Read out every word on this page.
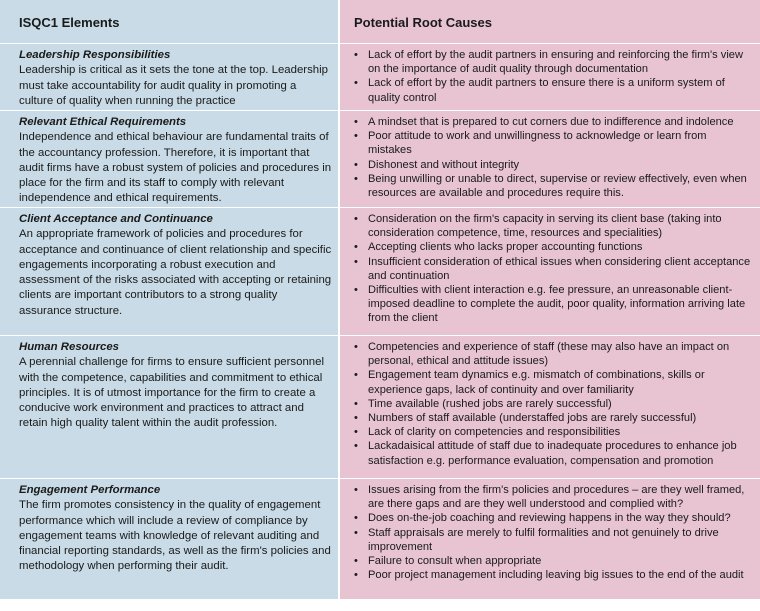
ISQC1 Elements	Potential Root Causes
Leadership Responsibilities
Leadership is critical as it sets the tone at the top. Leadership must take accountability for audit quality in promoting a culture of quality when running the practice
• Lack of effort by the audit partners in ensuring and reinforcing the firm's view on the importance of audit quality through documentation
• Lack of effort by the audit partners to ensure there is a uniform system of quality control
Relevant Ethical Requirements
Independence and ethical behaviour are fundamental traits of the accountancy profession. Therefore, it is important that audit firms have a robust system of policies and procedures in place for the firm and its staff to comply with relevant independence and ethical requirements.
• A mindset that is prepared to cut corners due to indifference and indolence
• Poor attitude to work and unwillingness to acknowledge or learn from mistakes
• Dishonest and without integrity
• Being unwilling or unable to direct, supervise or review effectively, even when resources are available and procedures require this.
Client Acceptance and Continuance
An appropriate framework of policies and procedures for acceptance and continuance of client relationship and specific engagements incorporating a robust execution and assessment of the risks associated with accepting or retaining clients are important contributors to a strong quality assurance structure.
• Consideration on the firm's capacity in serving its client base (taking into consideration competence, time, resources and specialities)
• Accepting clients who lacks proper accounting functions
• Insufficient consideration of ethical issues when considering client acceptance and continuation
• Difficulties with client interaction e.g. fee pressure, an unreasonable client-imposed deadline to complete the audit, poor quality, information arriving late from the client
Human Resources
A perennial challenge for firms to ensure sufficient personnel with the competence, capabilities and commitment to ethical principles. It is of utmost importance for the firm to create a conducive work environment and practices to attract and retain high quality talent within the audit profession.
• Competencies and experience of staff (these may also have an impact on personal, ethical and attitude issues)
• Engagement team dynamics e.g. mismatch of combinations, skills or experience gaps, lack of continuity and over familiarity
• Time available (rushed jobs are rarely successful)
• Numbers of staff available (understaffed jobs are rarely successful)
• Lack of clarity on competencies and responsibilities
• Lackadaisical attitude of staff due to inadequate procedures to enhance job satisfaction e.g. performance evaluation, compensation and promotion
Engagement Performance
The firm promotes consistency in the quality of engagement performance which will include a review of compliance by engagement teams with knowledge of relevant auditing and financial reporting standards, as well as the firm's policies and methodology when performing their audit.
• Issues arising from the firm's policies and procedures – are they well framed, are there gaps and are they well understood and complied with?
• Does on-the-job coaching and reviewing happens in the way they should?
• Staff appraisals are merely to fulfil formalities and not genuinely to drive improvement
• Failure to consult when appropriate
• Poor project management including leaving big issues to the end of the audit
